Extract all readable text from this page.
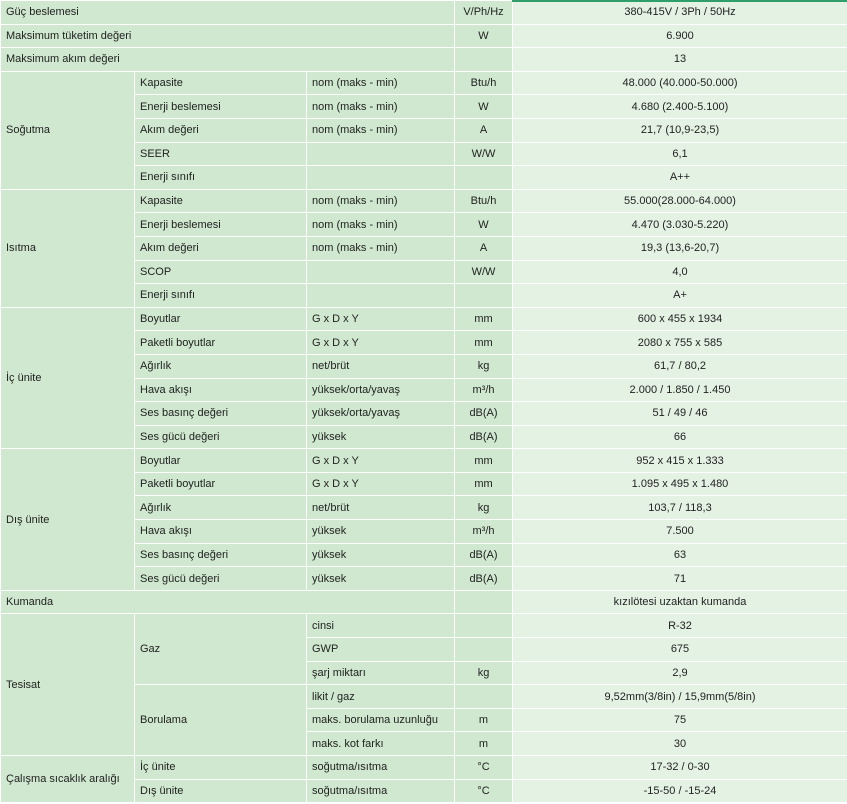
Güç beslemesi			V/Ph/Hz	380-415V / 3Ph / 50Hz
Maksimum tüketim değeri			W	6.900
Maksimum akım değeri				13
Soğutma	Kapasite	nom (maks - min)	Btu/h	48.000 (40.000-50.000)
	Enerji beslemesi	nom (maks - min)	W	4.680 (2.400-5.100)
	Akım değeri	nom (maks - min)	A	21,7 (10,9-23,5)
	SEER		W/W	6,1
	Enerji sınıfı			A++
Isıtma	Kapasite	nom (maks - min)	Btu/h	55.000(28.000-64.000)
	Enerji beslemesi	nom (maks - min)	W	4.470 (3.030-5.220)
	Akım değeri	nom (maks - min)	A	19,3 (13,6-20,7)
	SCOP		W/W	4,0
	Enerji sınıfı			A+
İç ünite	Boyutlar	G x D x Y	mm	600 x 455 x 1934
	Paketli boyutlar	G x D x Y	mm	2080 x 755 x 585
	Ağırlık	net/brüt	kg	61,7 / 80,2
	Hava akışı	yüksek/orta/yavaş	m³/h	2.000 / 1.850 / 1.450
	Ses basınç değeri	yüksek/orta/yavaş	dB(A)	51 / 49 / 46
	Ses gücü değeri	yüksek	dB(A)	66
Dış ünite	Boyutlar	G x D x Y	mm	952 x 415 x 1.333
	Paketli boyutlar	G x D x Y	mm	1.095 x 495 x 1.480
	Ağırlık	net/brüt	kg	103,7 / 118,3
	Hava akışı	yüksek	m³/h	7.500
	Ses basınç değeri	yüksek	dB(A)	63
	Ses gücü değeri	yüksek	dB(A)	71
Kumanda				kızılötesi uzaktan kumanda
Tesisat	Gaz	cinsi		R-32
		GWP		675
		şarj miktarı	kg	2,9
	Borulama	likit / gaz		9,52mm(3/8in) / 15,9mm(5/8in)
		maks. borulama uzunluğu	m	75
		maks. kot farkı	m	30
Çalışma sıcaklık aralığı	İç ünite	soğutma/ısıtma	°C	17-32 / 0-30
	Dış ünite	soğutma/ısıtma	°C	-15-50 / -15-24
